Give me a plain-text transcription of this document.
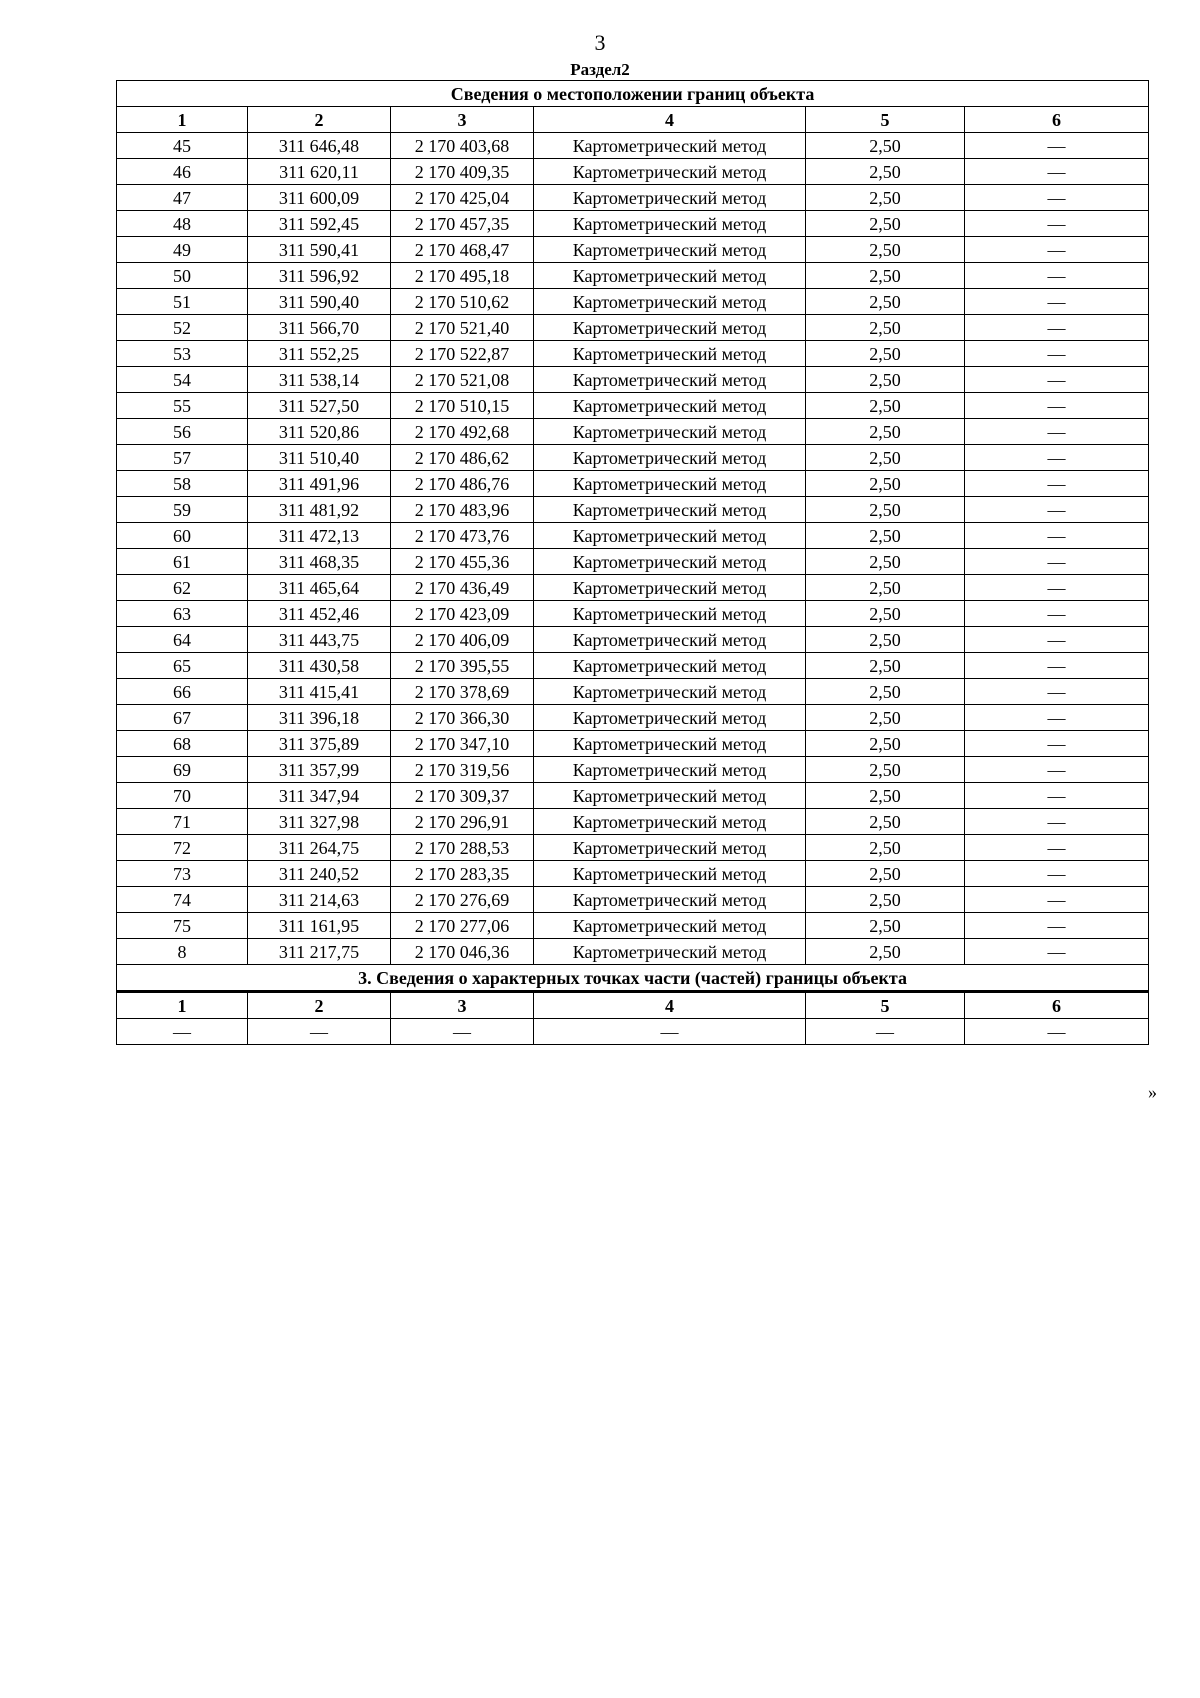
3
Раздел2
Сведения о местоположении границ объекта					
1	2	3	4	5	6
45	311 646,48	2 170 403,68	Картометрический метод	2,50	—
46	311 620,11	2 170 409,35	Картометрический метод	2,50	—
47	311 600,09	2 170 425,04	Картометрический метод	2,50	—
48	311 592,45	2 170 457,35	Картометрический метод	2,50	—
49	311 590,41	2 170 468,47	Картометрический метод	2,50	—
50	311 596,92	2 170 495,18	Картометрический метод	2,50	—
51	311 590,40	2 170 510,62	Картометрический метод	2,50	—
52	311 566,70	2 170 521,40	Картометрический метод	2,50	—
53	311 552,25	2 170 522,87	Картометрический метод	2,50	—
54	311 538,14	2 170 521,08	Картометрический метод	2,50	—
55	311 527,50	2 170 510,15	Картометрический метод	2,50	—
56	311 520,86	2 170 492,68	Картометрический метод	2,50	—
57	311 510,40	2 170 486,62	Картометрический метод	2,50	—
58	311 491,96	2 170 486,76	Картометрический метод	2,50	—
59	311 481,92	2 170 483,96	Картометрический метод	2,50	—
60	311 472,13	2 170 473,76	Картометрический метод	2,50	—
61	311 468,35	2 170 455,36	Картометрический метод	2,50	—
62	311 465,64	2 170 436,49	Картометрический метод	2,50	—
63	311 452,46	2 170 423,09	Картометрический метод	2,50	—
64	311 443,75	2 170 406,09	Картометрический метод	2,50	—
65	311 430,58	2 170 395,55	Картометрический метод	2,50	—
66	311 415,41	2 170 378,69	Картометрический метод	2,50	—
67	311 396,18	2 170 366,30	Картометрический метод	2,50	—
68	311 375,89	2 170 347,10	Картометрический метод	2,50	—
69	311 357,99	2 170 319,56	Картометрический метод	2,50	—
70	311 347,94	2 170 309,37	Картометрический метод	2,50	—
71	311 327,98	2 170 296,91	Картометрический метод	2,50	—
72	311 264,75	2 170 288,53	Картометрический метод	2,50	—
73	311 240,52	2 170 283,35	Картометрический метод	2,50	—
74	311 214,63	2 170 276,69	Картометрический метод	2,50	—
75	311 161,95	2 170 277,06	Картометрический метод	2,50	—
8	311 217,75	2 170 046,36	Картометрический метод	2,50	—
3. Сведения о характерных точках части (частей) границы объекта					
1	2	3	4	5	6
—	—	—	—	—	—
»
